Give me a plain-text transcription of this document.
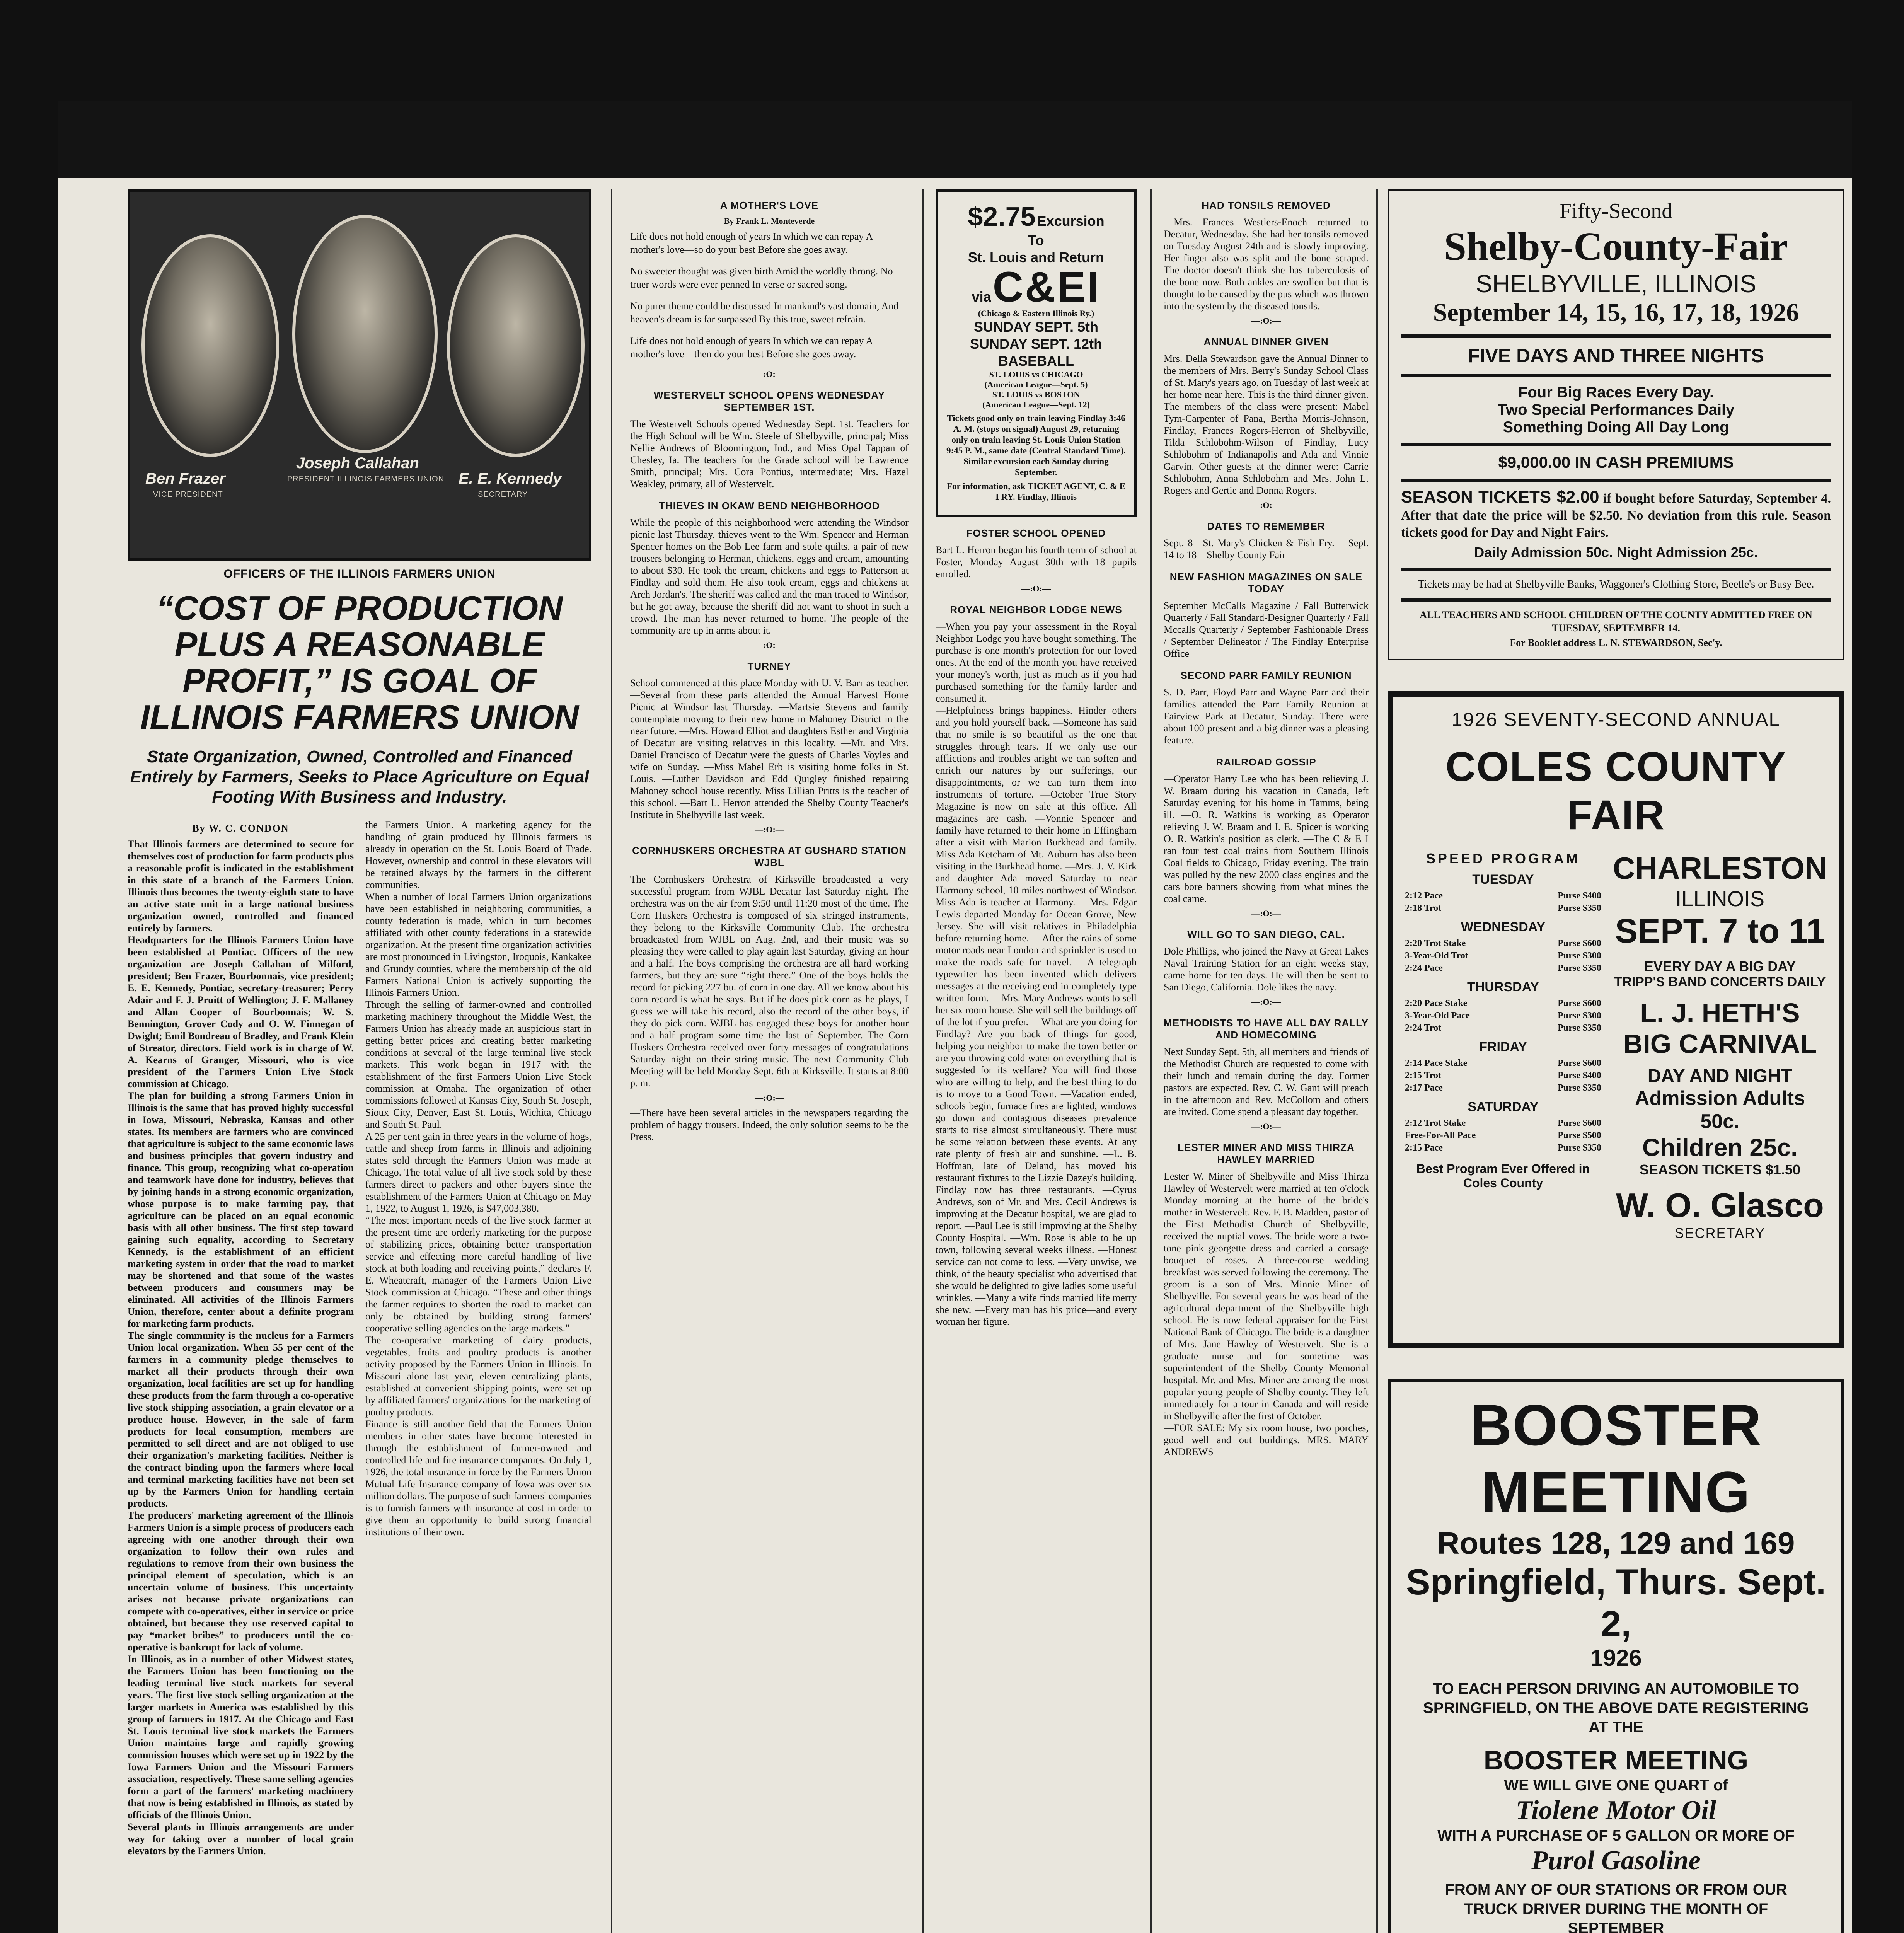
Ben Frazer
VICE PRESIDENT
Joseph Callahan
PRESIDENT ILLINOIS FARMERS UNION E. E. Kennedy
SECRETARY
OFFICERS OF THE ILLINOIS FARMERS UNION
“COST OF PRODUCTION PLUS A REASONABLE PROFIT,” IS GOAL OF ILLINOIS FARMERS UNION
State Organization, Owned, Controlled and Financed Entirely by Farmers, Seeks to Place Agriculture on Equal Footing With Business and Industry.
By W. C. CONDON

That Illinois farmers are determined to secure for themselves cost of production for farm products plus a reasonable profit is indicated in the establishment in this state of a branch of the Farmers Union. Illinois thus becomes the twenty-eighth state to have an active state unit in a large national business organization owned, controlled and financed entirely by farmers.

Headquarters for the Illinois Farmers Union have been established at Pontiac. Officers of the new organization are Joseph Callahan of Milford, president; Ben Frazer, Bourbonnais, vice president; E. E. Kennedy, Pontiac, secretary-treasurer; Perry Adair and F. J. Pruitt of Wellington; J. F. Mallaney and Allan Cooper of Bourbonnais; W. S. Bennington, Grover Cody and O. W. Finnegan of Dwight; Emil Bondreau of Bradley, and Frank Klein of Streator, directors. Field work is in charge of W. A. Kearns of Granger, Missouri, who is vice president of the Farmers Union Live Stock commission at Chicago.

The plan for building a strong Farmers Union in Illinois is the same that has proved highly successful in Iowa, Missouri, Nebraska, Kansas and other states. Its members are farmers who are convinced that agriculture is subject to the same economic laws and business principles that govern industry and finance. This group, recognizing what co-operation and teamwork have done for industry, believes that by joining hands in a strong economic organization, whose purpose is to make farming pay, that agriculture can be placed on an equal economic basis with all other business. The first step toward gaining such equality, according to Secretary Kennedy, is the establishment of an efficient marketing system in order that the road to market may be shortened and that some of the wastes between producers and consumers may be eliminated. All activities of the Illinois Farmers Union, therefore, center about a definite program for marketing farm products.

The single community is the nucleus for a Farmers Union local organization. When 55 per cent of the farmers in a community pledge themselves to market all their products through their own organization, local facilities are set up for handling these products from the farm through a co-operative live stock shipping association, a grain elevator or a produce house. However, in the sale of farm products for local consumption, members are permitted to sell direct and are not obliged to use their organization's marketing facilities. Neither is the contract binding upon the farmers where local and terminal marketing facilities have not been set up by the Farmers Union for handling certain products.

The producers' marketing agreement of the Illinois Farmers Union is a simple process of producers each agreeing with one another through their own organization to follow their own rules and regulations to remove from their own business the principal element of speculation, which is an uncertain volume of business. This uncertainty arises not because private organizations can compete with co-operatives, either in service or price obtained, but because they use reserved capital to pay “market bribes” to producers until the co-operative is bankrupt for lack of volume.

In Illinois, as in a number of other Midwest states, the Farmers Union has been functioning on the leading terminal live stock markets for several years. The first live stock selling organization at the larger markets in America was established by this group of farmers in 1917. At the Chicago and East St. Louis terminal live stock markets the Farmers Union maintains large and rapidly growing commission houses which were set up in 1922 by the Iowa Farmers Union and the Missouri Farmers association, respectively. These same selling agencies form a part of the farmers' marketing machinery that now is being established in Illinois, as stated by officials of the Illinois Union.

Several plants in Illinois arrangements are under way for taking over a number of local grain elevators by the Farmers Union.

the Farmers Union. A marketing agency for the handling of grain produced by Illinois farmers is already in operation on the St. Louis Board of Trade. However, ownership and control in these elevators will be retained always by the farmers in the different communities.

When a number of local Farmers Union organizations have been established in neighboring communities, a county federation is made, which in turn becomes affiliated with other county federations in a statewide organization. At the present time organization activities are most pronounced in Livingston, Iroquois, Kankakee and Grundy counties, where the membership of the old Farmers National Union is actively supporting the Illinois Farmers Union.

Through the selling of farmer-owned and controlled marketing machinery throughout the Middle West, the Farmers Union has already made an auspicious start in getting better prices and creating better marketing conditions at several of the large terminal live stock markets. This work began in 1917 with the establishment of the first Farmers Union Live Stock commission at Omaha. The organization of other commissions followed at Kansas City, South St. Joseph, Sioux City, Denver, East St. Louis, Wichita, Chicago and South St. Paul.

A 25 per cent gain in three years in the volume of hogs, cattle and sheep from farms in Illinois and adjoining states sold through the Farmers Union was made at Chicago. The total value of all live stock sold by these farmers direct to packers and other buyers since the establishment of the Farmers Union at Chicago on May 1, 1922, to August 1, 1926, is $47,003,380.

“The most important needs of the live stock farmer at the present time are orderly marketing for the purpose of stabilizing prices, obtaining better transportation service and effecting more careful handling of live stock at both loading and receiving points,” declares F. E. Wheatcraft, manager of the Farmers Union Live Stock commission at Chicago. “These and other things the farmer requires to shorten the road to market can only be obtained by building strong farmers' cooperative selling agencies on the large markets.”

The co-operative marketing of dairy products, vegetables, fruits and poultry products is another activity proposed by the Farmers Union in Illinois. In Missouri alone last year, eleven centralizing plants, established at convenient shipping points, were set up by affiliated farmers' organizations for the marketing of poultry products.

Finance is still another field that the Farmers Union members in other states have become interested in through the establishment of farmer-owned and controlled life and fire insurance companies. On July 1, 1926, the total insurance in force by the Farmers Union Mutual Life Insurance company of Iowa was over six million dollars. The purpose of such farmers' companies is to furnish farmers with insurance at cost in order to give them an opportunity to build strong financial institutions of their own.

A MOTHER'S LOVE
By Frank L. Monteverde

Life does not hold enough of years In which we can repay A mother's love—so do your best Before she goes away.

No sweeter thought was given birth Amid the worldly throng. No truer words were ever penned In verse or sacred song.

No purer theme could be discussed In mankind's vast domain, And heaven's dream is far surpassed By this true, sweet refrain.

Life does not hold enough of years In which we can repay A mother's love—then do your best Before she goes away.

—:O:—
WESTERVELT SCHOOL OPENS WEDNESDAY SEPTEMBER 1ST.

The Westervelt Schools opened Wednesday Sept. 1st. Teachers for the High School will be Wm. Steele of Shelbyville, principal; Miss Nellie Andrews of Bloomington, Ind., and Miss Opal Tappan of Chesley, Ia. The teachers for the Grade school will be Lawrence Smith, principal; Mrs. Cora Pontius, intermediate; Mrs. Hazel Weakley, primary, all of Westervelt.

THIEVES IN OKAW BEND NEIGHBORHOOD

While the people of this neighborhood were attending the Windsor picnic last Thursday, thieves went to the Wm. Spencer and Herman Spencer homes on the Bob Lee farm and stole quilts, a pair of new trousers belonging to Herman, chickens, eggs and cream, amounting to about $30. He took the cream, chickens and eggs to Patterson at Findlay and sold them. He also took cream, eggs and chickens at Arch Jordan's. The sheriff was called and the man traced to Windsor, but he got away, because the sheriff did not want to shoot in such a crowd. The man has never returned to home. The people of the community are up in arms about it.

—:O:—
TURNEY

School commenced at this place Monday with U. V. Barr as teacher. —Several from these parts attended the Annual Harvest Home Picnic at Windsor last Thursday. —Martsie Stevens and family contemplate moving to their new home in Mahoney District in the near future. —Mrs. Howard Elliot and daughters Esther and Virginia of Decatur are visiting relatives in this locality. —Mr. and Mrs. Daniel Francisco of Decatur were the guests of Charles Voyles and wife on Sunday. —Miss Mabel Erb is visiting home folks in St. Louis. —Luther Davidson and Edd Quigley finished repairing Mahoney school house recently. Miss Lillian Pritts is the teacher of this school. —Bart L. Herron attended the Shelby County Teacher's Institute in Shelbyville last week.

—:O:—
CORNHUSKERS ORCHESTRA AT GUSHARD STATION WJBL

The Cornhuskers Orchestra of Kirksville broadcasted a very successful program from WJBL Decatur last Saturday night. The orchestra was on the air from 9:50 until 11:20 most of the time. The Corn Huskers Orchestra is composed of six stringed instruments, they belong to the Kirksville Community Club. The orchestra broadcasted from WJBL on Aug. 2nd, and their music was so pleasing they were called to play again last Saturday, giving an hour and a half. The boys comprising the orchestra are all hard working farmers, but they are sure “right there.” One of the boys holds the record for picking 227 bu. of corn in one day. All we know about his corn record is what he says. But if he does pick corn as he plays, I guess we will take his record, also the record of the other boys, if they do pick corn. WJBL has engaged these boys for another hour and a half program some time the last of September. The Corn Huskers Orchestra received over forty messages of congratulations Saturday night on their string music. The next Community Club Meeting will be held Monday Sept. 6th at Kirksville. It starts at 8:00 p. m.

—:O:—

—There have been several articles in the newspapers regarding the problem of baggy trousers. Indeed, the only solution seems to be the Press.

$2.75 Excursion
To
St. Louis and Return
via C&EI
(Chicago & Eastern Illinois Ry.)
SUNDAY SEPT. 5th
SUNDAY SEPT. 12th
BASEBALL
ST. LOUIS vs CHICAGO
(American League—Sept. 5)
ST. LOUIS vs BOSTON
(American League—Sept. 12)

Tickets good only on train leaving Findlay 3:46 A. M. (stops on signal) August 29, returning only on train leaving St. Louis Union Station 9:45 P. M., same date (Central Standard Time). Similar excursion each Sunday during September.

For information, ask TICKET AGENT, C. & E I RY. Findlay, Illinois

FOSTER SCHOOL OPENED

Bart L. Herron began his fourth term of school at Foster, Monday August 30th with 18 pupils enrolled.

—:O:—
ROYAL NEIGHBOR LODGE NEWS

—When you pay your assessment in the Royal Neighbor Lodge you have bought something. The purchase is one month's protection for our loved ones. At the end of the month you have received your money's worth, just as much as if you had purchased something for the family larder and consumed it.

—Helpfulness brings happiness. Hinder others and you hold yourself back. —Someone has said that no smile is so beautiful as the one that struggles through tears. If we only use our afflictions and troubles aright we can soften and enrich our natures by our sufferings, our disappointments, or we can turn them into instruments of torture. —October True Story Magazine is now on sale at this office. All magazines are cash. —Vonnie Spencer and family have returned to their home in Effingham after a visit with Marion Burkhead and family. Miss Ada Ketcham of Mt. Auburn has also been visiting in the Burkhead home. —Mrs. J. V. Kirk and daughter Ada moved Saturday to near Harmony school, 10 miles northwest of Windsor. Miss Ada is teacher at Harmony. —Mrs. Edgar Lewis departed Monday for Ocean Grove, New Jersey. She will visit relatives in Philadelphia before returning home. —After the rains of some motor roads near London and sprinkler is used to make the roads safe for travel. —A telegraph typewriter has been invented which delivers messages at the receiving end in completely type written form. —Mrs. Mary Andrews wants to sell her six room house. She will sell the buildings off of the lot if you prefer. —What are you doing for Findlay? Are you back of things for good, helping you neighbor to make the town better or are you throwing cold water on everything that is suggested for its welfare? You will find those who are willing to help, and the best thing to do is to move to a Good Town. —Vacation ended, schools begin, furnace fires are lighted, windows go down and contagious diseases prevalence starts to rise almost simultaneously. There must be some relation between these events. At any rate plenty of fresh air and sunshine. —L. B. Hoffman, late of Deland, has moved his restaurant fixtures to the Lizzie Dazey's building. Findlay now has three restaurants. —Cyrus Andrews, son of Mr. and Mrs. Cecil Andrews is improving at the Decatur hospital, we are glad to report. —Paul Lee is still improving at the Shelby County Hospital. —Wm. Rose is able to be up town, following several weeks illness. —Honest service can not come to less. —Very unwise, we think, of the beauty specialist who advertised that she would be delighted to give ladies some useful wrinkles. —Many a wife finds married life merry she new. —Every man has his price—and every woman her figure.

HAD TONSILS REMOVED

—Mrs. Frances Westlers-Enoch returned to Decatur, Wednesday. She had her tonsils removed on Tuesday August 24th and is slowly improving. Her finger also was split and the bone scraped. The doctor doesn't think she has tuberculosis of the bone now. Both ankles are swollen but that is thought to be caused by the pus which was thrown into the system by the diseased tonsils.

—:O:—
ANNUAL DINNER GIVEN

Mrs. Della Stewardson gave the Annual Dinner to the members of Mrs. Berry's Sunday School Class of St. Mary's years ago, on Tuesday of last week at her home near here. This is the third dinner given. The members of the class were present: Mabel Tym-Carpenter of Pana, Bertha Morris-Johnson, Findlay, Frances Rogers-Herron of Shelbyville, Tilda Schlobohm-Wilson of Findlay, Lucy Schlobohm of Indianapolis and Ada and Vinnie Garvin. Other guests at the dinner were: Carrie Schlobohm, Anna Schlobohm and Mrs. John L. Rogers and Gertie and Donna Rogers.

—:O:—
DATES TO REMEMBER

Sept. 8—St. Mary's Chicken & Fish Fry. —Sept. 14 to 18—Shelby County Fair

NEW FASHION MAGAZINES ON SALE TODAY

September McCalls Magazine / Fall Butterwick Quarterly / Fall Standard-Designer Quarterly / Fall Mccalls Quarterly / September Fashionable Dress / September Delineator / The Findlay Enterprise Office

SECOND PARR FAMILY REUNION

S. D. Parr, Floyd Parr and Wayne Parr and their families attended the Parr Family Reunion at Fairview Park at Decatur, Sunday. There were about 100 present and a big dinner was a pleasing feature.

RAILROAD GOSSIP

—Operator Harry Lee who has been relieving J. W. Braam during his vacation in Canada, left Saturday evening for his home in Tamms, being ill. —O. R. Watkins is working as Operator relieving J. W. Braam and I. E. Spicer is working O. R. Watkin's position as clerk. —The C & E I ran four test coal trains from Southern Illinois Coal fields to Chicago, Friday evening. The train was pulled by the new 2000 class engines and the cars bore banners showing from what mines the coal came.

—:O:—
WILL GO TO SAN DIEGO, CAL.

Dole Phillips, who joined the Navy at Great Lakes Naval Training Station for an eight weeks stay, came home for ten days. He will then be sent to San Diego, California. Dole likes the navy.

—:O:—
METHODISTS TO HAVE ALL DAY RALLY AND HOMECOMING

Next Sunday Sept. 5th, all members and friends of the Methodist Church are requested to come with their lunch and remain during the day. Former pastors are expected. Rev. C. W. Gant will preach in the afternoon and Rev. McCollom and others are invited. Come spend a pleasant day together.

—:O:—
LESTER MINER AND MISS THIRZA HAWLEY MARRIED

Lester W. Miner of Shelbyville and Miss Thirza Hawley of Westervelt were married at ten o'clock Monday morning at the home of the bride's mother in Westervelt. Rev. F. B. Madden, pastor of the First Methodist Church of Shelbyville, received the nuptial vows. The bride wore a two-tone pink georgette dress and carried a corsage bouquet of roses. A three-course wedding breakfast was served following the ceremony. The groom is a son of Mrs. Minnie Miner of Shelbyville. For several years he was head of the agricultural department of the Shelbyville high school. He is now federal appraiser for the First National Bank of Chicago. The bride is a daughter of Mrs. Jane Hawley of Westervelt. She is a graduate nurse and for sometime was superintendent of the Shelby County Memorial hospital. Mr. and Mrs. Miner are among the most popular young people of Shelby county. They left immediately for a tour in Canada and will reside in Shelbyville after the first of October.

—FOR SALE: My six room house, two porches, good well and out buildings. MRS. MARY ANDREWS

Fifty-Second
Shelby-County-Fair
SHELBYVILLE, ILLINOIS
September 14, 15, 16, 17, 18, 1926
FIVE DAYS AND THREE NIGHTS
Four Big Races Every Day.
Two Special Performances Daily
Something Doing All Day Long
$9,000.00 IN CASH PREMIUMS

SEASON TICKETS $2.00 if bought before Saturday, September 4. After that date the price will be $2.50. No deviation from this rule. Season tickets good for Day and Night Fairs.

Daily Admission 50c. Night Admission 25c.

Tickets may be had at Shelbyville Banks, Waggoner's Clothing Store, Beetle's or Busy Bee.

ALL TEACHERS AND SCHOOL CHILDREN OF THE COUNTY ADMITTED FREE ON TUESDAY, SEPTEMBER 14.

For Booklet address L. N. STEWARDSON, Sec'y.

1926 SEVENTY-SECOND ANNUAL
COLES COUNTY FAIR
SPEED PROGRAM
TUESDAY
2:12 Pace	Purse $400
2:18 Trot	Purse $350
WEDNESDAY
2:20 Trot Stake	Purse $600
3-Year-Old Trot	Purse $300
2:24 Pace	Purse $350
THURSDAY
2:20 Pace Stake	Purse $600
3-Year-Old Pace	Purse $300
2:24 Trot	Purse $350
FRIDAY
2:14 Pace Stake	Purse $600
2:15 Trot	Purse $400
2:17 Pace	Purse $350
SATURDAY
2:12 Trot Stake	Purse $600
Free-For-All Pace	Purse $500
2:15 Pace	Purse $350

Best Program Ever Offered in Coles County

CHARLESTON
ILLINOIS
SEPT. 7 to 11
EVERY DAY A BIG DAY
TRIPP'S BAND CONCERTS DAILY
L. J. HETH'S
BIG CARNIVAL
DAY AND NIGHT
Admission Adults 50c.
Children 25c.
SEASON TICKETS $1.50
W. O. Glasco
SECRETARY
BOOSTER MEETING
Routes 128, 129 and 169
Springfield, Thurs. Sept. 2,
1926
TO EACH PERSON DRIVING AN AUTOMOBILE TO SPRINGFIELD, ON THE ABOVE DATE REGISTERING AT THE
BOOSTER MEETING
WE WILL GIVE ONE QUART of
Tiolene Motor Oil
WITH A PURCHASE OF 5 GALLON OR MORE OF
Purol Gasoline
FROM ANY OF OUR STATIONS OR FROM OUR TRUCK DRIVER DURING THE MONTH OF SEPTEMBER
